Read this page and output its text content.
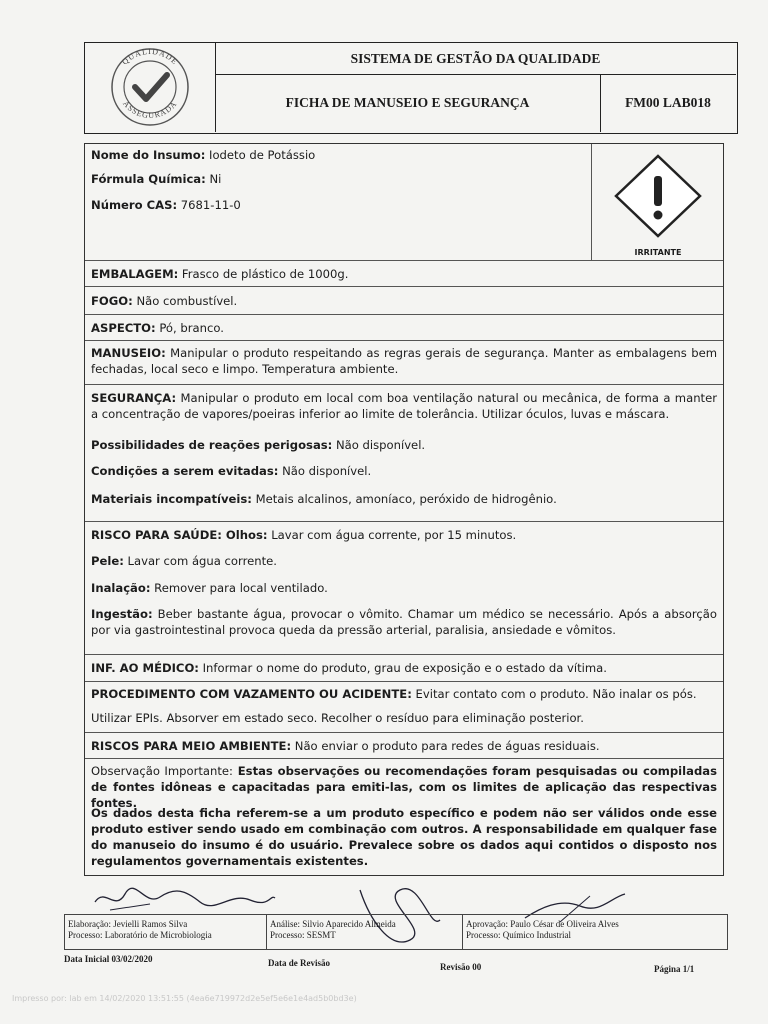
QUALIDADE
ASSEGURADA
SISTEMA DE GESTÃO DA QUALIDADE
FICHA DE MANUSEIO E SEGURANÇA	FM00 LAB018
Nome do Insumo: Iodeto de Potássio
Fórmula Química: Ni
Número CAS: 7681-11-0
IRRITANTE
EMBALAGEM: Frasco de plástico de 1000g.
FOGO: Não combustível.
ASPECTO: Pó, branco.
MANUSEIO: Manipular o produto respeitando as regras gerais de segurança. Manter as embalagens bem fechadas, local seco e limpo. Temperatura ambiente.
SEGURANÇA: Manipular o produto em local com boa ventilação natural ou mecânica, de forma a manter a concentração de vapores/poeiras inferior ao limite de tolerância. Utilizar óculos, luvas e máscara.
Possibilidades de reações perigosas: Não disponível.
Condições a serem evitadas: Não disponível.
Materiais incompatíveis: Metais alcalinos, amoníaco, peróxido de hidrogênio.
RISCO PARA SAÚDE: Olhos: Lavar com água corrente, por 15 minutos.
Pele: Lavar com água corrente.
Inalação: Remover para local ventilado.
Ingestão: Beber bastante água, provocar o vômito. Chamar um médico se necessário. Após a absorção por via gastrointestinal provoca queda da pressão arterial, paralisia, ansiedade e vômitos.
INF. AO MÉDICO: Informar o nome do produto, grau de exposição e o estado da vítima.
PROCEDIMENTO COM VAZAMENTO OU ACIDENTE: Evitar contato com o produto. Não inalar os pós.
Utilizar EPIs. Absorver em estado seco. Recolher o resíduo para eliminação posterior.
RISCOS PARA MEIO AMBIENTE: Não enviar o produto para redes de águas residuais.
Observação Importante: Estas observações ou recomendações foram pesquisadas ou compiladas de fontes idôneas e capacitadas para emiti-las, com os limites de aplicação das respectivas fontes.
Os dados desta ficha referem-se a um produto específico e podem não ser válidos onde esse produto estiver sendo usado em combinação com outros. A responsabilidade em qualquer fase do manuseio do insumo é do usuário. Prevalece sobre os dados aqui contidos o disposto nos regulamentos governamentais existentes.
Elaboração: Jevielli Ramos Silva
Processo: Laboratório de Microbiologia
Análise: Silvio Aparecido Almeida
Processo: SESMT
Aprovação: Paulo César de Oliveira Alves
Processo: Químico Industrial
Data Inicial 03/02/2020	Data de Revisão	Revisão 00	Página 1/1
Impresso por: lab em 14/02/2020 13:51:55 (4ea6e719972d2e5ef5e6e1e4ad5b0bd3e)
